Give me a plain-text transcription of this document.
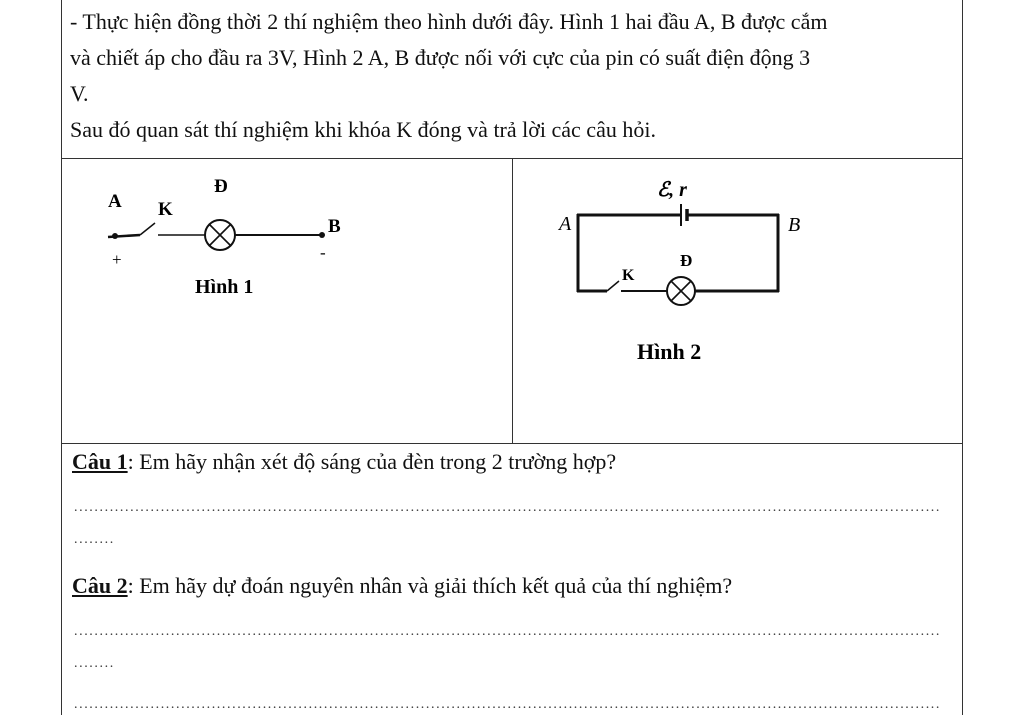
- Thực hiện đồng thời 2 thí nghiệm theo hình dưới đây. Hình 1 hai đầu A, B được cắm

và chiết áp cho đầu ra 3V, Hình 2 A, B được nối với cực của pin có suất điện động 3

V.

Sau đó quan sát thí nghiệm khi khóa K đóng và trả lời các câu hỏi.

Đ
A K
B
+	-
Hình 1
ℰ, r
A	B
K
Đ
Hình 2
Câu 1: Em hãy nhận xét độ sáng của đèn trong 2 trường hợp?
..........................................................................................................................................................................
........
Câu 2: Em hãy dự đoán nguyên nhân và giải thích kết quả của thí nghiệm?
..........................................................................................................................................................................
........
..........................................................................................................................................................................
